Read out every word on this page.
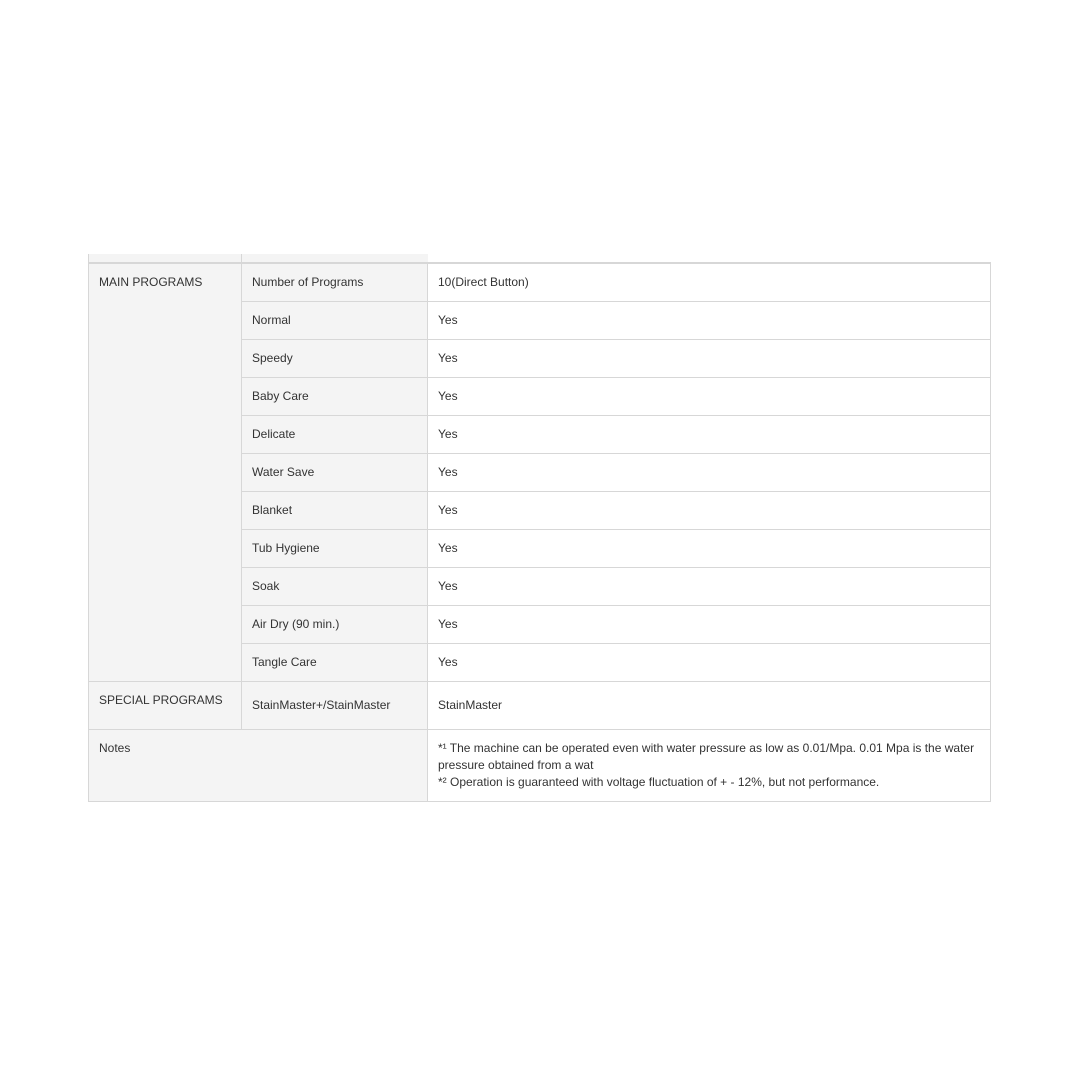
MAIN PROGRAMS	Number of Programs	10(Direct Button)
	Normal	Yes
	Speedy	Yes
	Baby Care	Yes
	Delicate	Yes
	Water Save	Yes
	Blanket	Yes
	Tub Hygiene	Yes
	Soak	Yes
	Air Dry (90 min.)	Yes
	Tangle Care	Yes
SPECIAL PROGRAMS	StainMaster+/StainMaster	StainMaster
Notes		*¹ The machine can be operated even with water pressure as low as 0.01/Mpa. 0.01 Mpa is the water pressure obtained from a wat
*² Operation is guaranteed with voltage fluctuation of + - 12%, but not performance.
